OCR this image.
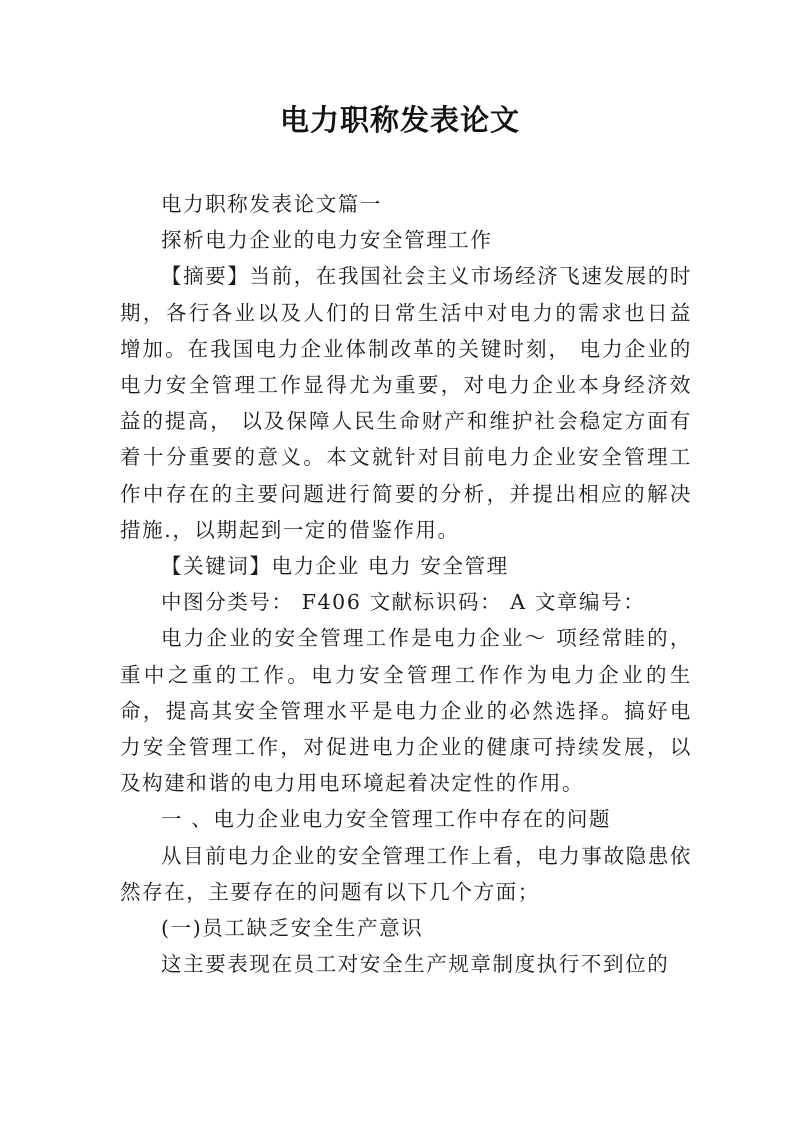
电力职称发表论文

电力职称发表论文篇一

探析电力企业的电力安全管理工作

【摘要】当前，在我国社会主义市场经济飞速发展的时期，各行各业以及人们的日常生活中对电力的需求也日益增加。在我国电力企业体制改革的关键时刻， 电力企业的电力安全管理工作显得尤为重要，对电力企业本身经济效益的提高， 以及保障人民生命财产和维护社会稳定方面有着十分重要的意义。本文就针对目前电力企业安全管理工作中存在的主要问题进行简要的分析，并提出相应的解决措施.，以期起到一定的借鉴作用。

【关键词】电力企业 电力 安全管理

中图分类号： F406 文献标识码： A 文章编号：

电力企业的安全管理工作是电力企业～ 项经常眭的，重中之重的工作。电力安全管理工作作为电力企业的生命，提高其安全管理水平是电力企业的必然选择。搞好电力安全管理工作，对促进电力企业的健康可持续发展，以及构建和谐的电力用电环境起着决定性的作用。

一 、电力企业电力安全管理工作中存在的问题

从目前电力企业的安全管理工作上看，电力事故隐患依然存在，主要存在的问题有以下几个方面；

(一)员工缺乏安全生产意识

这主要表现在员工对安全生产规章制度执行不到位的
